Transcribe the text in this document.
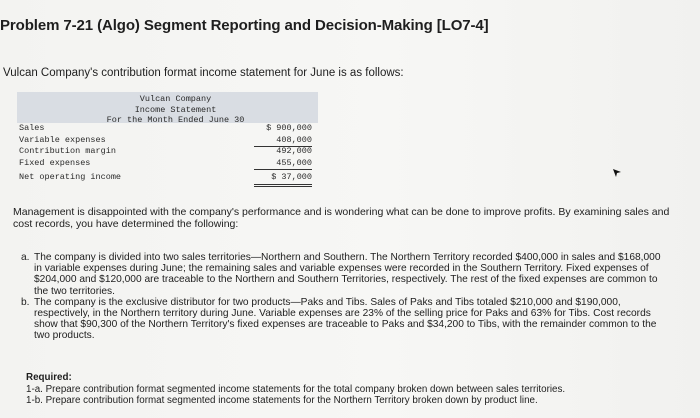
Problem 7-21 (Algo) Segment Reporting and Decision-Making [LO7-4]
Vulcan Company's contribution format income statement for June is as follows:
Vulcan Company
Income Statement
For the Month Ended June 30
Sales	$ 900,000
Variable expenses	408,000
Contribution margin	492,000
Fixed expenses	455,000
Net operating income	$ 37,000
Management is disappointed with the company's performance and is wondering what can be done to improve profits. By examining sales and cost records, you have determined the following:
a. The company is divided into two sales territories—Northern and Southern. The Northern Territory recorded $400,000 in sales and $168,000 in variable expenses during June; the remaining sales and variable expenses were recorded in the Southern Territory. Fixed expenses of $204,000 and $120,000 are traceable to the Northern and Southern Territories, respectively. The rest of the fixed expenses are common to the two territories.
b. The company is the exclusive distributor for two products—Paks and Tibs. Sales of Paks and Tibs totaled $210,000 and $190,000, respectively, in the Northern territory during June. Variable expenses are 23% of the selling price for Paks and 63% for Tibs. Cost records show that $90,300 of the Northern Territory's fixed expenses are traceable to Paks and $34,200 to Tibs, with the remainder common to the two products.
Required:
1-a. Prepare contribution format segmented income statements for the total company broken down between sales territories.
1-b. Prepare contribution format segmented income statements for the Northern Territory broken down by product line.
